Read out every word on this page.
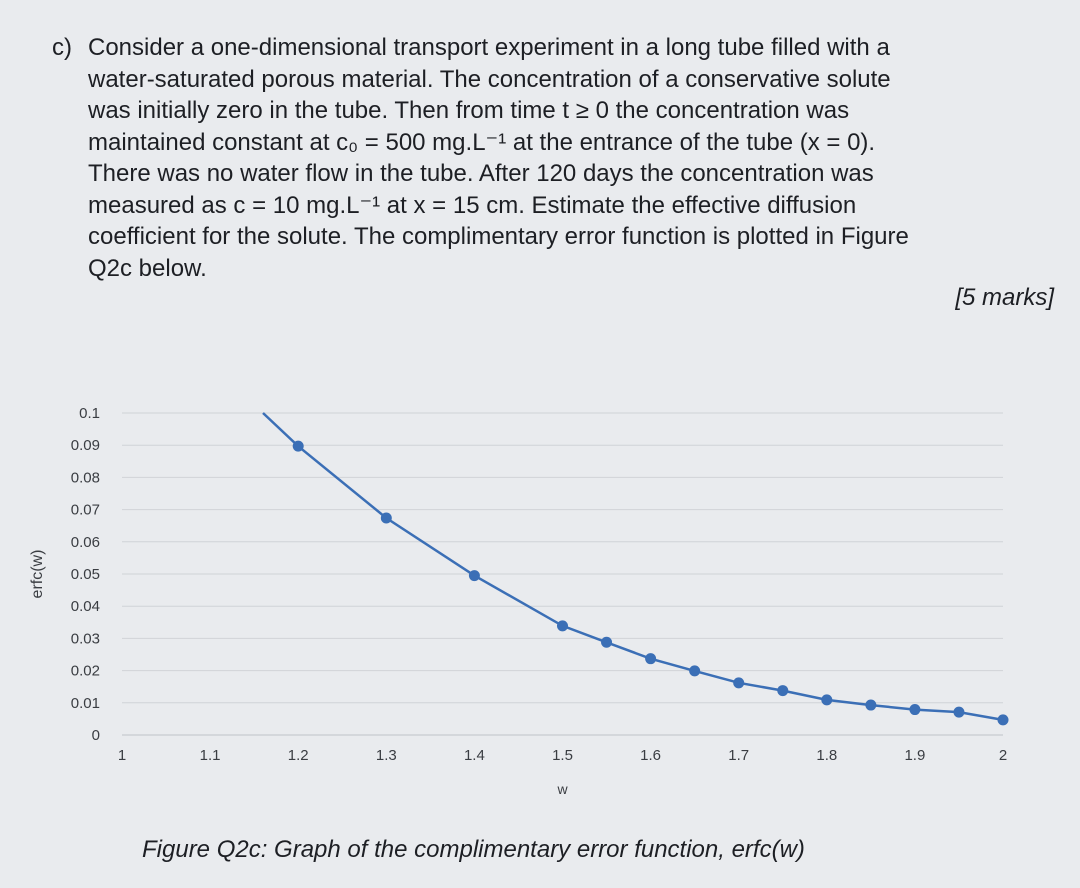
c) Consider a one-dimensional transport experiment in a long tube filled with a
water-saturated porous material. The concentration of a conservative solute
was initially zero in the tube. Then from time t ≥ 0 the concentration was
maintained constant at c₀ = 500 mg.L⁻¹ at the entrance of the tube (x = 0).
There was no water flow in the tube. After 120 days the concentration was
measured as c = 10 mg.L⁻¹ at x = 15 cm. Estimate the effective diffusion
coefficient for the solute. The complimentary error function is plotted in Figure
Q2c below.
[5 marks]
0
0.01
0.02
0.03
0.04
0.05
0.06
0.07
0.08
0.09
0.1
1	1.1	1.2	1.3	1.4	1.5	1.6	1.7	1.8	1.9	2
w
erfc(w)
Figure Q2c: Graph of the complimentary error function, erfc(w)
